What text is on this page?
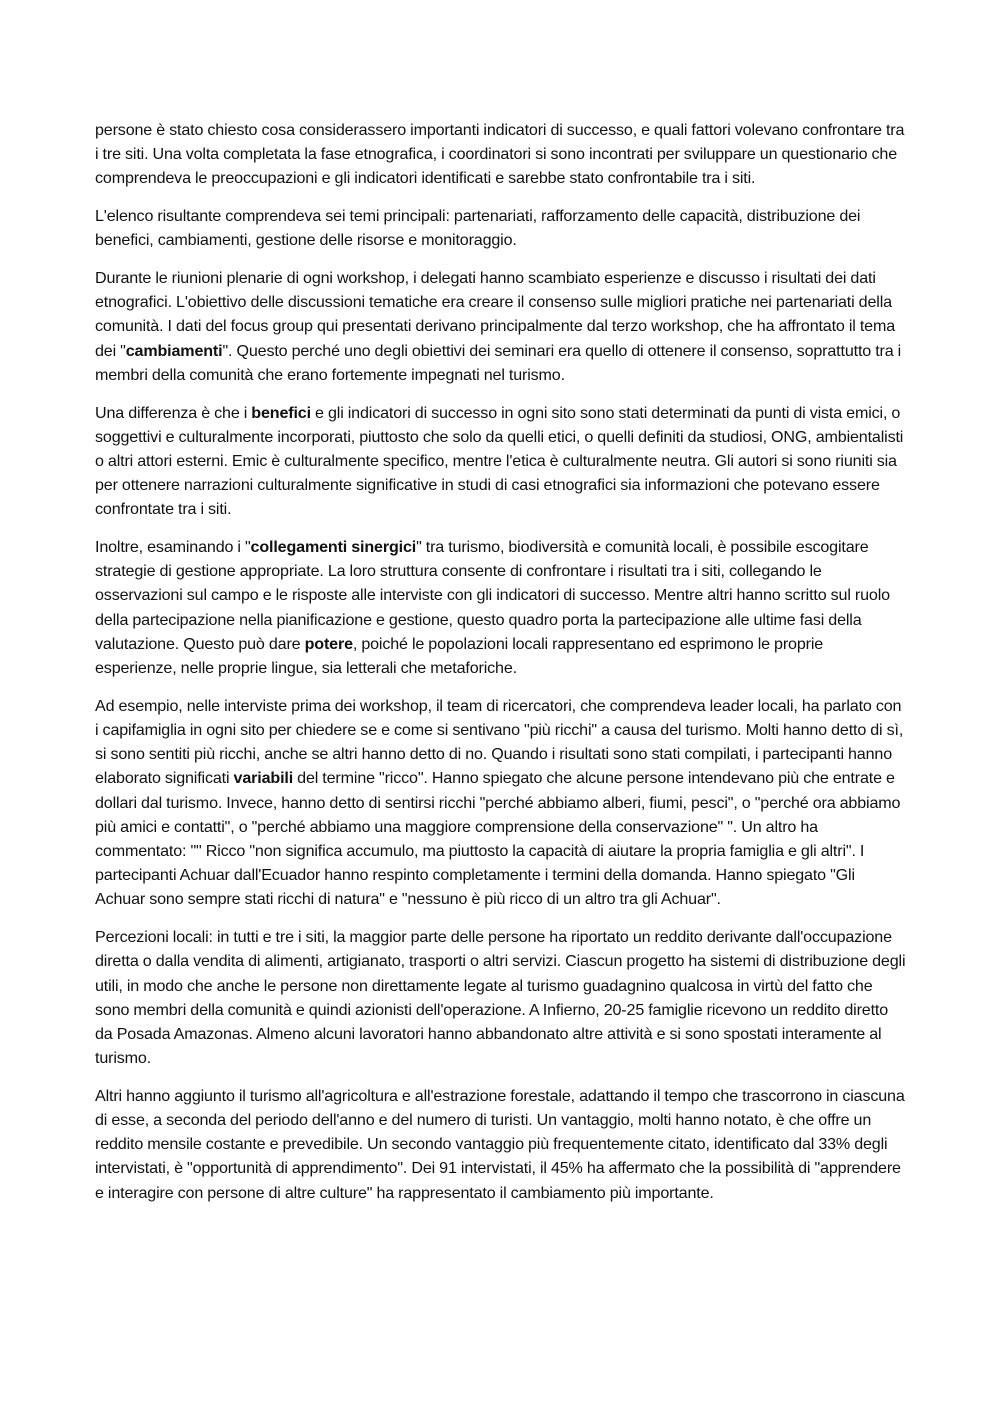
persone è stato chiesto cosa considerassero importanti indicatori di successo, e quali fattori volevano confrontare tra i tre siti. Una volta completata la fase etnografica, i coordinatori si sono incontrati per sviluppare un questionario che comprendeva le preoccupazioni e gli indicatori identificati e sarebbe stato confrontabile tra i siti.

L'elenco risultante comprendeva sei temi principali: partenariati, rafforzamento delle capacità, distribuzione dei benefici, cambiamenti, gestione delle risorse e monitoraggio.

Durante le riunioni plenarie di ogni workshop, i delegati hanno scambiato esperienze e discusso i risultati dei dati etnografici. L'obiettivo delle discussioni tematiche era creare il consenso sulle migliori pratiche nei partenariati della comunità. I dati del focus group qui presentati derivano principalmente dal terzo workshop, che ha affrontato il tema dei "cambiamenti". Questo perché uno degli obiettivi dei seminari era quello di ottenere il consenso, soprattutto tra i membri della comunità che erano fortemente impegnati nel turismo.

Una differenza è che i benefici e gli indicatori di successo in ogni sito sono stati determinati da punti di vista emici, o soggettivi e culturalmente incorporati, piuttosto che solo da quelli etici, o quelli definiti da studiosi, ONG, ambientalisti o altri attori esterni. Emic è culturalmente specifico, mentre l'etica è culturalmente neutra. Gli autori si sono riuniti sia per ottenere narrazioni culturalmente significative in studi di casi etnografici sia informazioni che potevano essere confrontate tra i siti.

Inoltre, esaminando i "collegamenti sinergici" tra turismo, biodiversità e comunità locali, è possibile escogitare strategie di gestione appropriate. La loro struttura consente di confrontare i risultati tra i siti, collegando le osservazioni sul campo e le risposte alle interviste con gli indicatori di successo. Mentre altri hanno scritto sul ruolo della partecipazione nella pianificazione e gestione, questo quadro porta la partecipazione alle ultime fasi della valutazione. Questo può dare potere, poiché le popolazioni locali rappresentano ed esprimono le proprie esperienze, nelle proprie lingue, sia letterali che metaforiche.

Ad esempio, nelle interviste prima dei workshop, il team di ricercatori, che comprendeva leader locali, ha parlato con i capifamiglia in ogni sito per chiedere se e come si sentivano "più ricchi" a causa del turismo. Molti hanno detto di sì, si sono sentiti più ricchi, anche se altri hanno detto di no. Quando i risultati sono stati compilati, i partecipanti hanno elaborato significati variabili del termine "ricco". Hanno spiegato che alcune persone intendevano più che entrate e dollari dal turismo. Invece, hanno detto di sentirsi ricchi "perché abbiamo alberi, fiumi, pesci", o "perché ora abbiamo più amici e contatti", o "perché abbiamo una maggiore comprensione della conservazione" ". Un altro ha commentato: "" Ricco "non significa accumulo, ma piuttosto la capacità di aiutare la propria famiglia e gli altri". I partecipanti Achuar dall'Ecuador hanno respinto completamente i termini della domanda. Hanno spiegato "Gli Achuar sono sempre stati ricchi di natura" e "nessuno è più ricco di un altro tra gli Achuar".

Percezioni locali: in tutti e tre i siti, la maggior parte delle persone ha riportato un reddito derivante dall'occupazione diretta o dalla vendita di alimenti, artigianato, trasporti o altri servizi. Ciascun progetto ha sistemi di distribuzione degli utili, in modo che anche le persone non direttamente legate al turismo guadagnino qualcosa in virtù del fatto che sono membri della comunità e quindi azionisti dell'operazione. A Infierno, 20-25 famiglie ricevono un reddito diretto da Posada Amazonas. Almeno alcuni lavoratori hanno abbandonato altre attività e si sono spostati interamente al turismo.

Altri hanno aggiunto il turismo all'agricoltura e all'estrazione forestale, adattando il tempo che trascorrono in ciascuna di esse, a seconda del periodo dell'anno e del numero di turisti. Un vantaggio, molti hanno notato, è che offre un reddito mensile costante e prevedibile. Un secondo vantaggio più frequentemente citato, identificato dal 33% degli intervistati, è "opportunità di apprendimento". Dei 91 intervistati, il 45% ha affermato che la possibilità di "apprendere e interagire con persone di altre culture" ha rappresentato il cambiamento più importante.
